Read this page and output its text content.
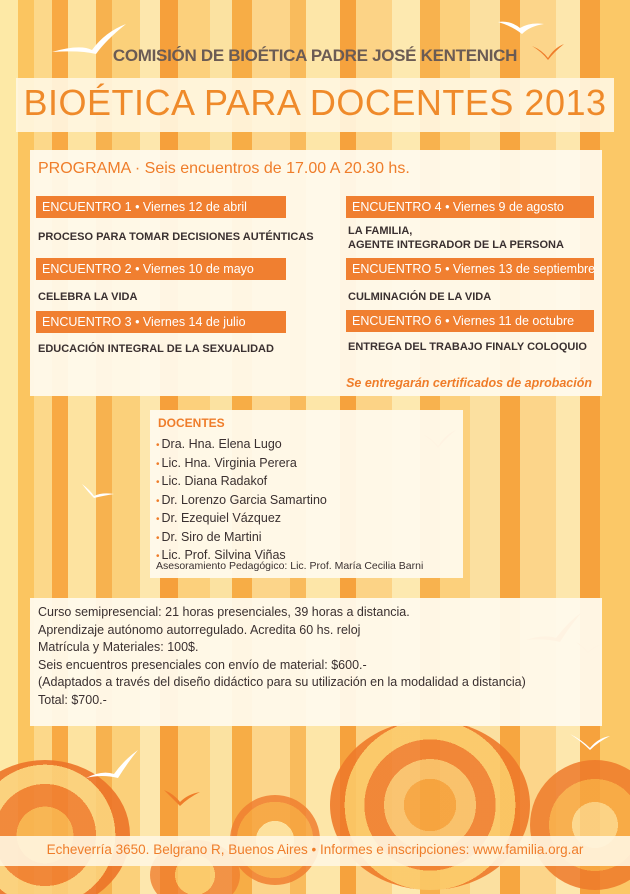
COMISIÓN DE BIOÉTICA PADRE JOSÉ KENTENICH
BIOÉTICA PARA DOCENTES 2013
PROGRAMA · Seis encuentros de 17.00 A 20.30 hs.
ENCUENTRO 1 • Viernes 12 de abril
PROCESO PARA TOMAR DECISIONES AUTÉNTICAS
ENCUENTRO 2 • Viernes 10 de mayo
CELEBRA LA VIDA
ENCUENTRO 3 • Viernes 14 de julio
EDUCACIÓN INTEGRAL DE LA SEXUALIDAD
ENCUENTRO 4 • Viernes 9 de agosto
LA FAMILIA,
AGENTE INTEGRADOR DE LA PERSONA
ENCUENTRO 5 • Viernes 13 de septiembre
CULMINACIÓN DE LA VIDA
ENCUENTRO 6 • Viernes 11 de octubre
ENTREGA DEL TRABAJO FINALY COLOQUIO
Se entregarán certificados de aprobación
DOCENTES
• Dra. Hna. Elena Lugo
• Lic. Hna. Virginia Perera
• Lic. Diana Radakof
• Dr. Lorenzo Garcia Samartino
• Dr. Ezequiel Vázquez
• Dr. Siro de Martini
• Lic. Prof. Silvina Viñas
Asesoramiento Pedagógico: Lic. Prof. María Cecilia Barni
Curso semipresencial: 21 horas presenciales, 39 horas a distancia.
Aprendizaje autónomo autorregulado. Acredita 60 hs. reloj
Matrícula y Materiales: 100$.
Seis encuentros presenciales con envío de material: $600.-
(Adaptados a través del diseño didáctico para su utilización en la modalidad a distancia)
Total: $700.-
Echeverría 3650. Belgrano R, Buenos Aires • Informes e inscripciones: www.familia.org.ar
